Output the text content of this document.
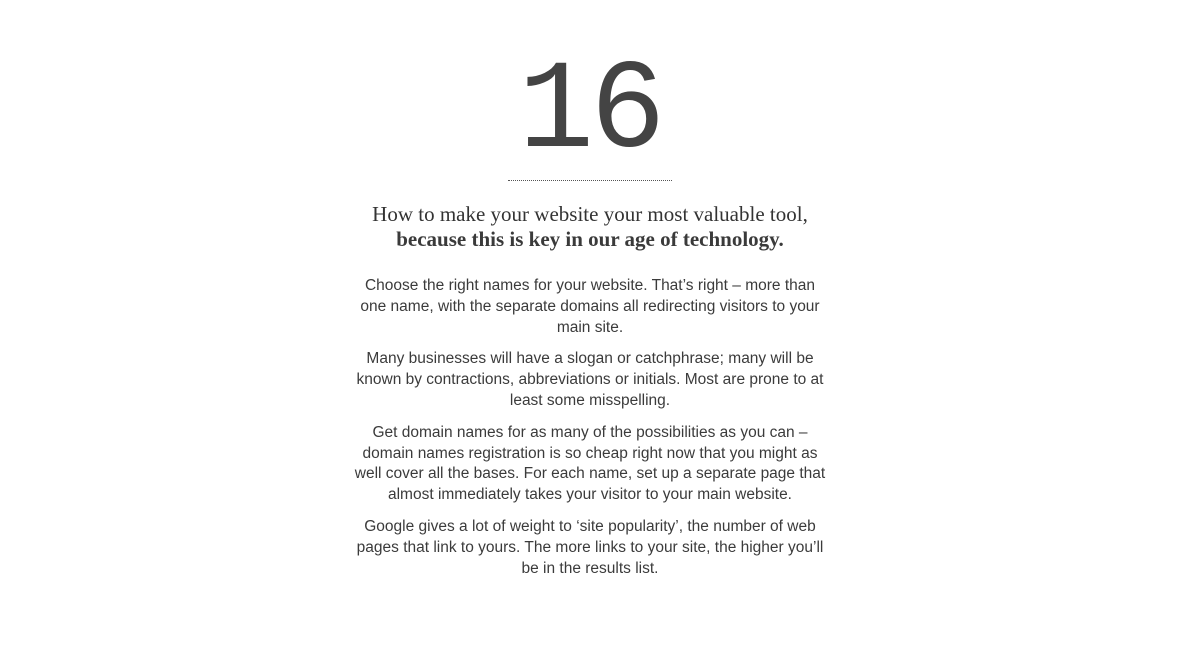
16
How to make your website your most valuable tool,
because this is key in our age of technology.

Choose the right names for your website. That’s right – more than one name, with the separate domains all redirecting visitors to your main site.

Many businesses will have a slogan or catchphrase; many will be known by contractions, abbreviations or initials. Most are prone to at least some misspelling.

Get domain names for as many of the possibilities as you can – domain names registration is so cheap right now that you might as well cover all the bases. For each name, set up a separate page that almost immediately takes your visitor to your main website.

Google gives a lot of weight to ‘site popularity’, the number of web pages that link to yours. The more links to your site, the higher you’ll be in the results list.
